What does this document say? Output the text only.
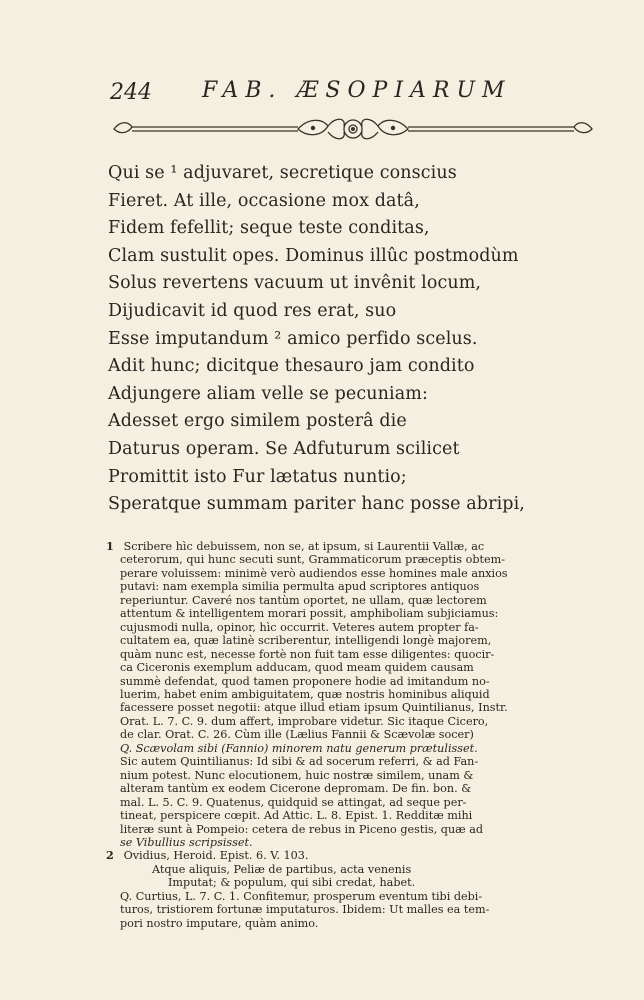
244 FAB. ÆSOPIARUM
Qui se ¹ adjuvaret, secretique conscius
Fieret. At ille, occasione mox datâ,
Fidem fefellit; seque teste conditas,
Clam sustulit opes. Dominus illûc postmodùm
Solus revertens vacuum ut invênit locum,
Dijudicavit id quod res erat, suo
Esse imputandum ² amico perfido scelus.
Adit hunc; dicitque thesauro jam condito
Adjungere aliam velle se pecuniam:
Adesset ergo similem posterâ die
Daturus operam. Se Adfuturum scilicet
Promittit isto Fur lætatus nuntio;
Speratque summam pariter hanc posse abripi,
1 Scribere hìc debuissem, non se, at ipsum, si Laurentii Vallæ, ac
ceterorum, qui hunc secuti sunt, Grammaticorum præceptis obtem-
perare voluissem: minimè verò audiendos esse homines male anxios
putavi: nam exempla similia permulta apud scriptores antiquos
reperiuntur. Caveré nos tantùm oportet, ne ullam, quæ lectorem
attentum & intelligentem morari possit, amphiboliam subjiciamus:
cujusmodi nulla, opinor, hìc occurrit. Veteres autem propter fa-
cultatem ea, quæ latinè scriberentur, intelligendi longè majorem,
quàm nunc est, necesse fortè non fuit tam esse diligentes: quocir-
ca Ciceronis exemplum adducam, quod meam quidem causam
summè defendat, quod tamen proponere hodie ad imitandum no-
luerim, habet enim ambiguitatem, quæ nostris hominibus aliquid
facessere posset negotii: atque illud etiam ipsum Quintilianus, Instr.
Orat. L. 7. C. 9. dum affert, improbare videtur. Sic itaque Cicero,
de clar. Orat. C. 26. Cùm ille (Lælius Fannii & Scævolæ socer)
Q. Scævolam sibi (Fannio) minorem natu generum prætulisset.
Sic autem Quintilianus: Id sibi & ad socerum referri, & ad Fan-
nium potest. Nunc elocutionem, huic nostræ similem, unam &
alteram tantùm ex eodem Cicerone depromam. De fin. bon. &
mal. L. 5. C. 9. Quatenus, quidquid se attingat, ad seque per-
tineat, perspicere cœpit. Ad Attic. L. 8. Epist. 1. Redditæ mihi
literæ sunt à Pompeio: cetera de rebus in Piceno gestis, quæ ad
se Vibullius scripsisset.
2 Ovidius, Heroid. Epist. 6. V. 103.
Atque aliquis, Peliæ de partibus, acta venenis
Imputat; & populum, qui sibi credat, habet.
Q. Curtius, L. 7. C. 1. Confitemur, prosperum eventum tibi debi-
turos, tristiorem fortunæ imputaturos. Ibidem: Ut malles ea tem-
pori nostro imputare, quàm animo.
